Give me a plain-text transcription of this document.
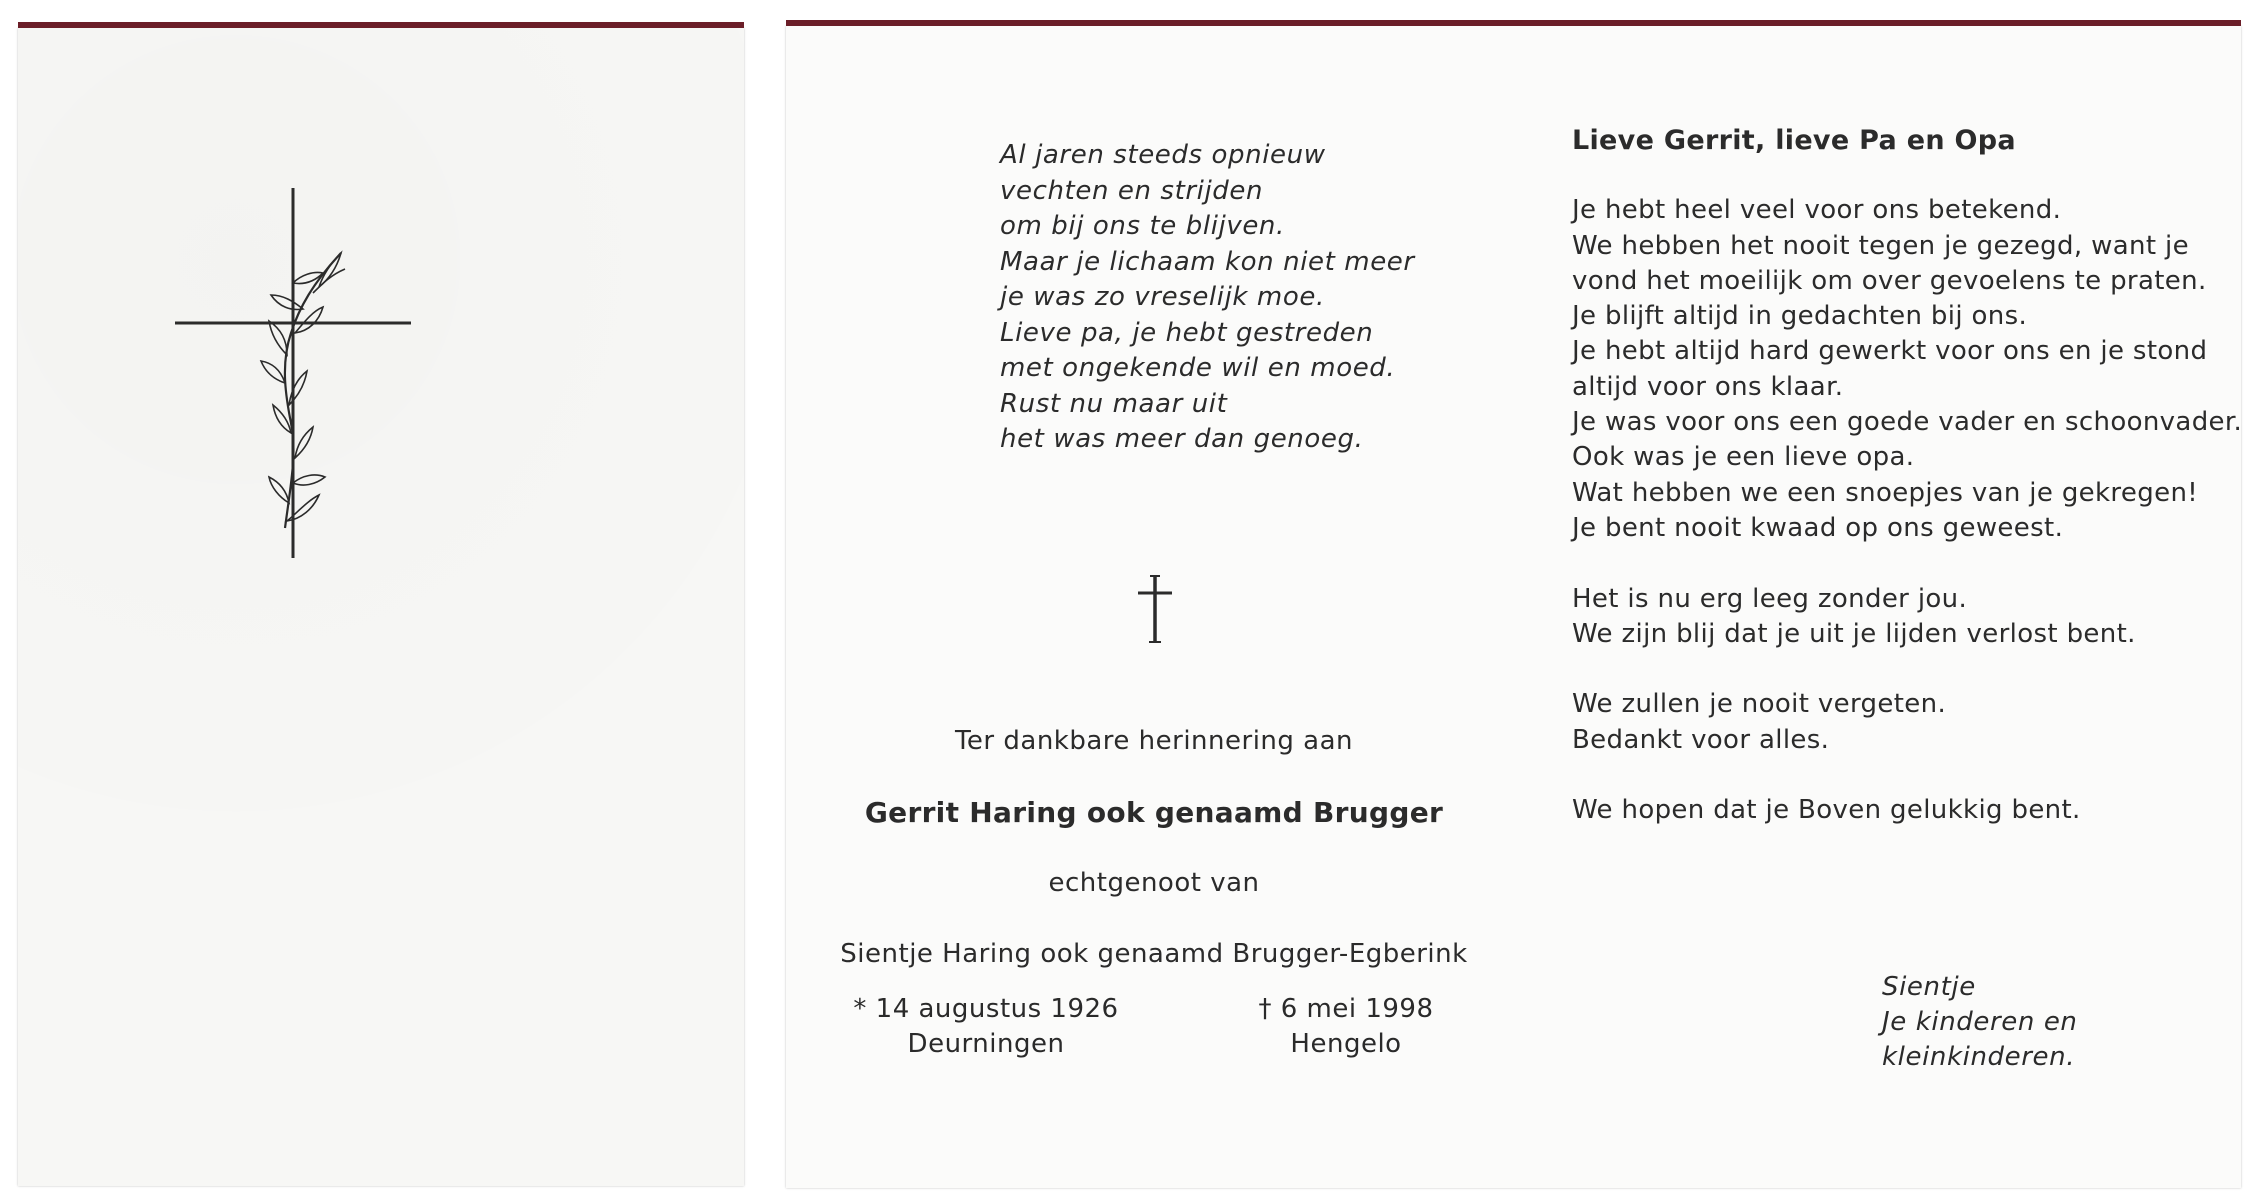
Al jaren steeds opnieuw
vechten en strijden
om bij ons te blijven.
Maar je lichaam kon niet meer
je was zo vreselijk moe.
Lieve pa, je hebt gestreden
met ongekende wil en moed.
Rust nu maar uit
het was meer dan genoeg.
Ter dankbare herinnering aan
Gerrit Haring ook genaamd Brugger
echtgenoot van
Sientje Haring ook genaamd Brugger-Egberink
* 14 augustus 1926
Deurningen
† 6 mei 1998
Hengelo
Lieve Gerrit, lieve Pa en Opa

Je hebt heel veel voor ons betekend.
We hebben het nooit tegen je gezegd, want je
vond het moeilijk om over gevoelens te praten.
Je blijft altijd in gedachten bij ons.
Je hebt altijd hard gewerkt voor ons en je stond
altijd voor ons klaar.
Je was voor ons een goede vader en schoonvader.
Ook was je een lieve opa.
Wat hebben we een snoepjes van je gekregen!
Je bent nooit kwaad op ons geweest.

Het is nu erg leeg zonder jou.
We zijn blij dat je uit je lijden verlost bent.

We zullen je nooit vergeten.
Bedankt voor alles.

We hopen dat je Boven gelukkig bent.

Sientje
Je kinderen en
kleinkinderen.
